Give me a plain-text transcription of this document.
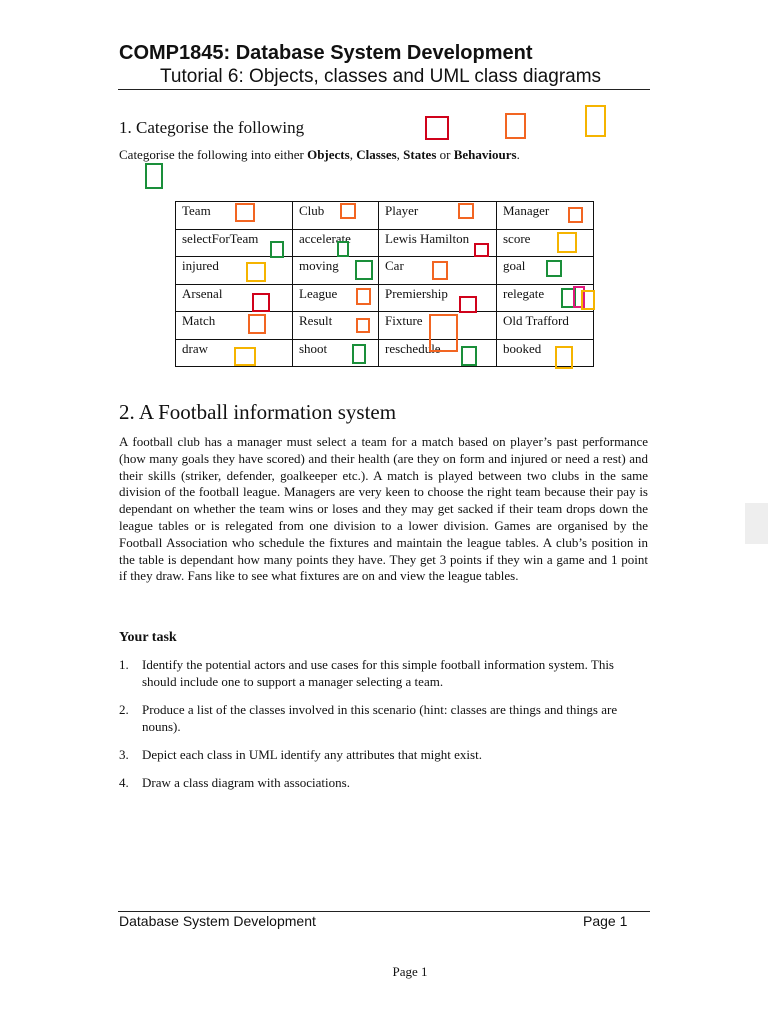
COMP1845: Database System Development
Tutorial 6: Objects, classes and UML class diagrams
1. Categorise the following
Categorise the following into either Objects, Classes, States or Behaviours.
Team	Club	Player	Manager
selectForTeam	accelerate	Lewis Hamilton	score
injured	moving	Car	goal
Arsenal	League	Premiership	relegate
Match	Result	Fixture	Old Trafford
draw	shoot	reschedule	booked
2. A Football information system

A football club has a manager must select a team for a match based on player’s past performance (how many goals they have scored) and their health (are they on form and injured or need a rest) and their skills (striker, defender, goalkeeper etc.). A match is played between two clubs in the same division of the football league. Managers are very keen to choose the right team because their pay is dependant on whether the team wins or loses and they may get sacked if their team drops down the league tables or is relegated from one division to a lower division. Games are organised by the Football Association who schedule the fixtures and maintain the league tables. A club’s position in the table is dependant how many points they have. They get 3 points if they win a game and 1 point if they draw. Fans like to see what fixtures are on and view the league tables.

Your task
1. Identify the potential actors and use cases for this simple football information system. This should include one to support a manager selecting a team.
2. Produce a list of the classes involved in this scenario (hint: classes are things and things are nouns).
3. Depict each class in UML identify any attributes that might exist.
4. Draw a class diagram with associations.
Database System Development	Page 1
Page 1
